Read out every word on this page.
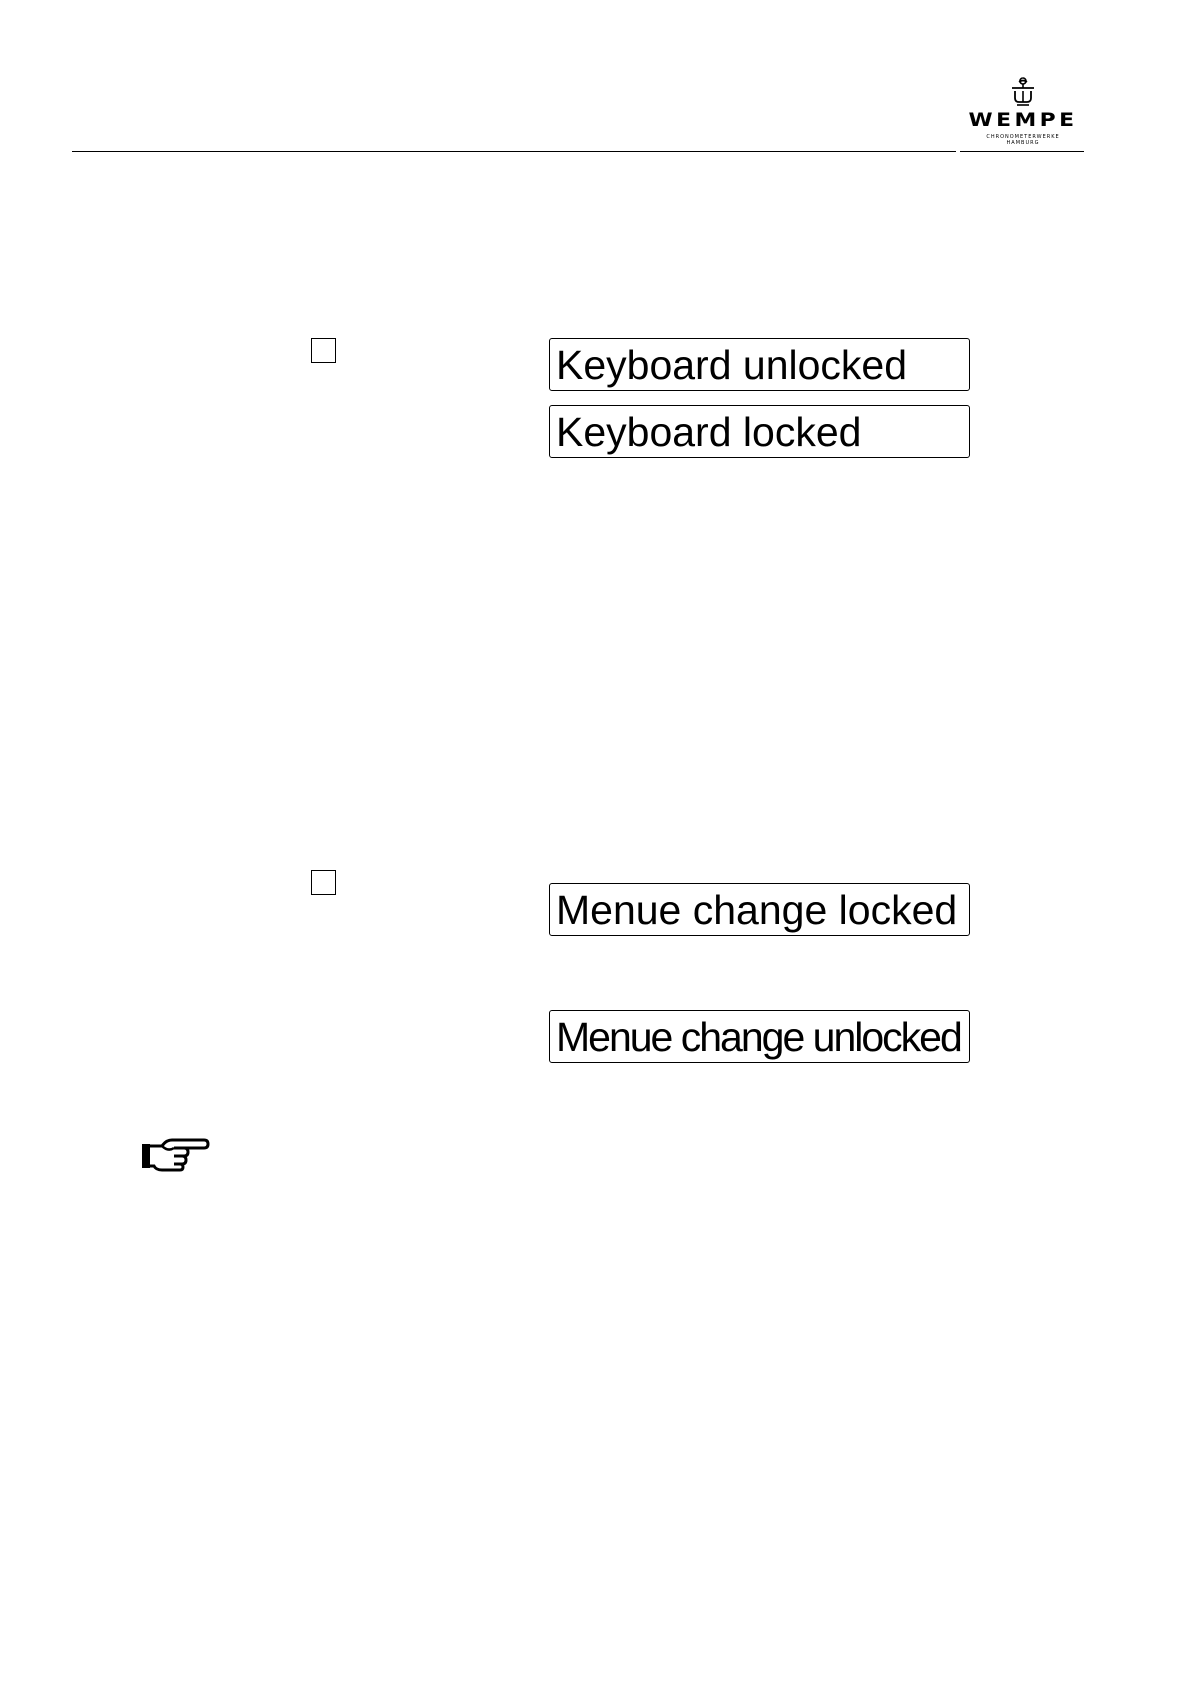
WEMPE
CHRONOMETERWERKE
HAMBURG
Keyboard unlocked
Keyboard locked
Menue change locked
Menue change unlocked
